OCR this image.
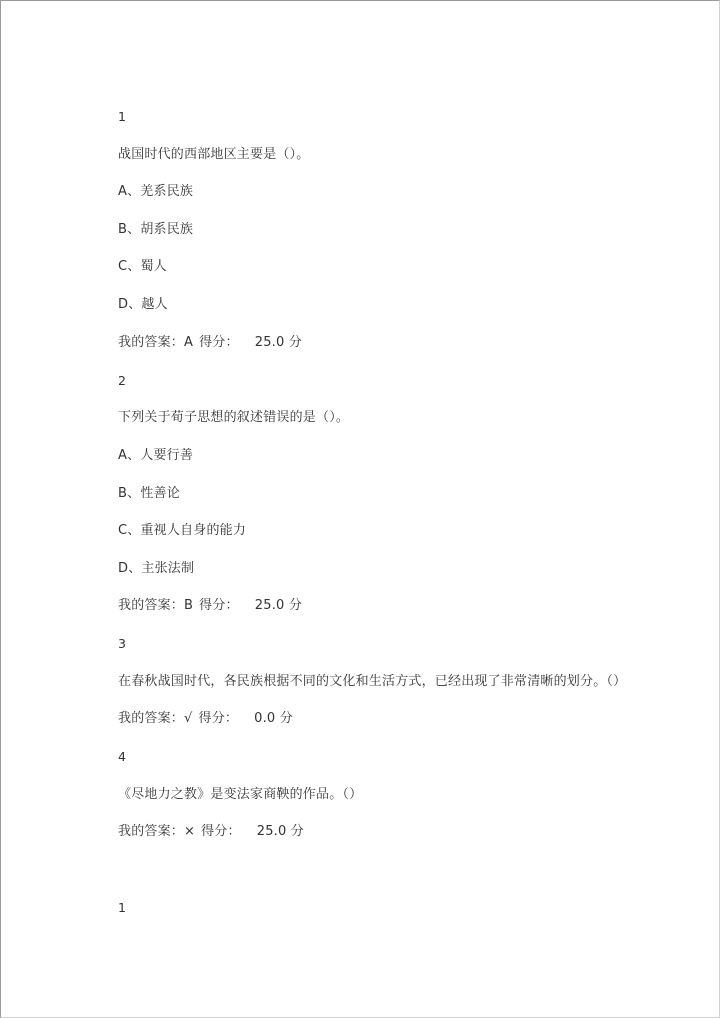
1
战国时代的西部地区主要是（）。
A、羌系民族
B、胡系民族
C、蜀人
D、越人
我的答案：A 得分： 25.0 分
2
下列关于荀子思想的叙述错误的是（）。
A、人要行善
B、性善论
C、重视人自身的能力
D、主张法制
我的答案：B 得分： 25.0 分
3
在春秋战国时代，各民族根据不同的文化和生活方式，已经出现了非常清晰的划分。（）
我的答案：√ 得分： 0.0 分
4
《尽地力之教》是变法家商鞅的作品。（）
我的答案：× 得分： 25.0 分
1
